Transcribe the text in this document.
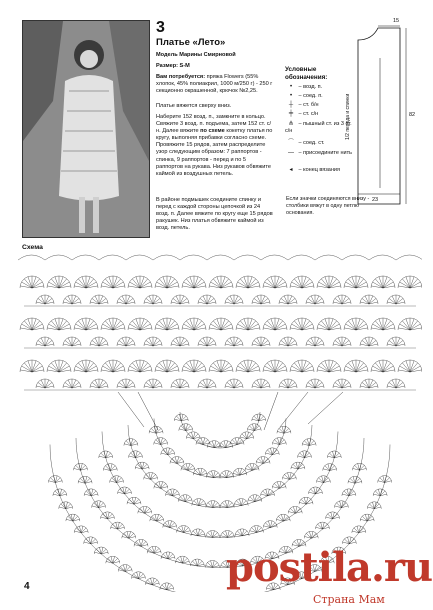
3
Платье «Лето»
Модель Марины Смирновой
Размер: S-M
Вам потребуется: пряжа Flowers (55% хлопок, 45% полиакрил, 1000 м/250 г) - 250 г секционно окрашенной, крючок №2,25.
Платье вяжется сверху вниз.
Наберите 152 возд. п., замкните в кольцо. Свяжите 3 возд. п. подъема, затем 152 ст. с/н. Далее вяжите по схеме кокетку платья по кругу, выполняя прибавки согласно схеме. Провяжите 15 рядов, затем распределите узор следующим образом: 7 раппортов - спинка, 9 раппортов - перед и по 5 раппортов на рукава. Низ рукавов обвяжите каймой из воздушных петель.
В районе подмышек соедините спинку и перед с каждой стороны цепочкой из 24 возд. п. Далее вяжите по кругу еще 15 рядов ракушек. Низ платья обвяжите каймой из возд. петель.
Условные обозначения:
• – возд. п.
• – соед. п.
┼ – ст. б/н
╪ – ст. с/н
⋔ – пышный ст. из 3 ст. с/н
⌒ – соед. ст.
— – присоедините нить
◂ – конец вязания
Если значки соединяются внизу - столбики вяжут в одну петлю основания.
15
82
23
1/2 переда и спинки
Схема
4	postila.ru
Страна Мам
